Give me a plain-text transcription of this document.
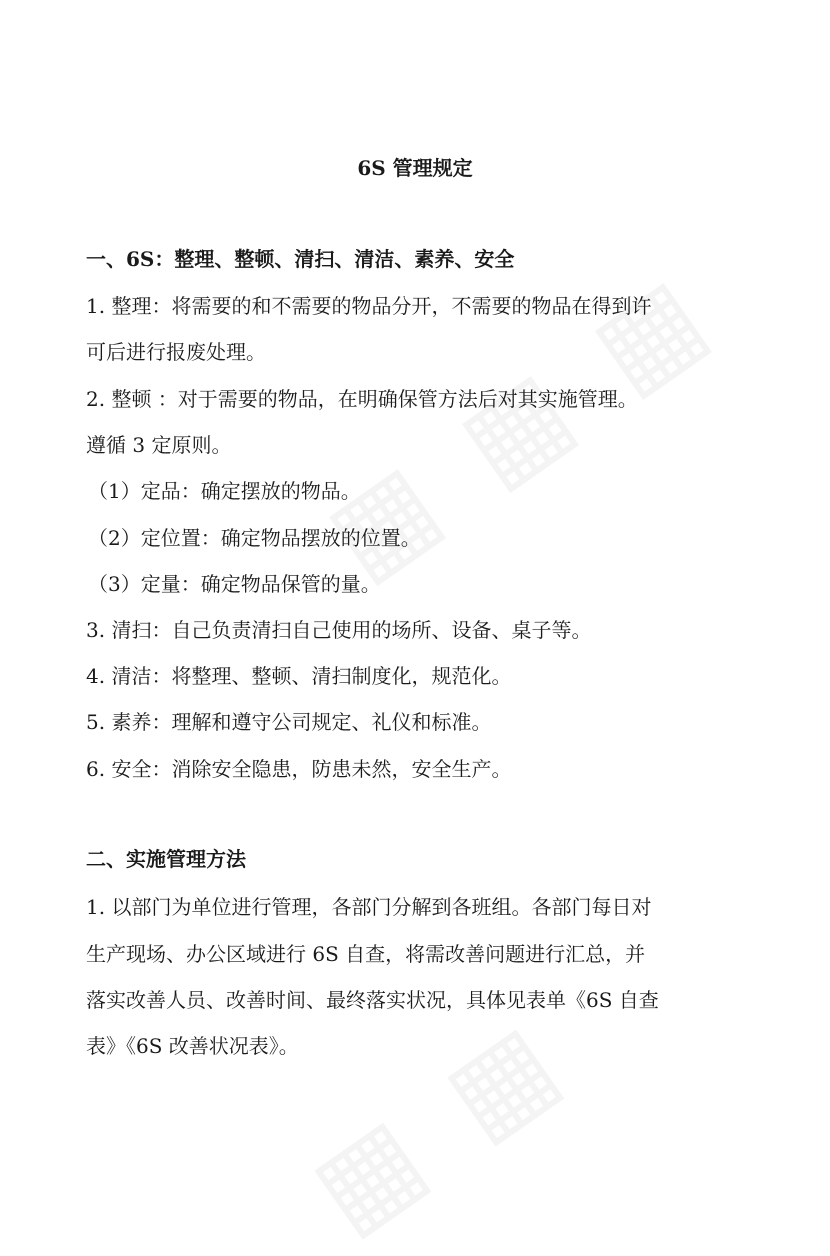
6S 管理规定
一、6S：整理、整顿、清扫、清洁、素养、安全
1. 整理：将需要的和不需要的物品分开，不需要的物品在得到许
可后进行报废处理。
2. 整顿 ：对于需要的物品，在明确保管方法后对其实施管理。
遵循 3 定原则。
（1）定品：确定摆放的物品。
（2）定位置：确定物品摆放的位置。
（3）定量：确定物品保管的量。
3. 清扫：自己负责清扫自己使用的场所、设备、桌子等。
4. 清洁：将整理、整顿、清扫制度化，规范化。
5. 素养：理解和遵守公司规定、礼仪和标准。
6. 安全：消除安全隐患，防患未然，安全生产。
二、实施管理方法
1. 以部门为单位进行管理，各部门分解到各班组。各部门每日对
生产现场、办公区域进行 6S 自查，将需改善问题进行汇总，并
落实改善人员、改善时间、最终落实状况，具体见表单《6S 自查
表》《6S 改善状况表》。
